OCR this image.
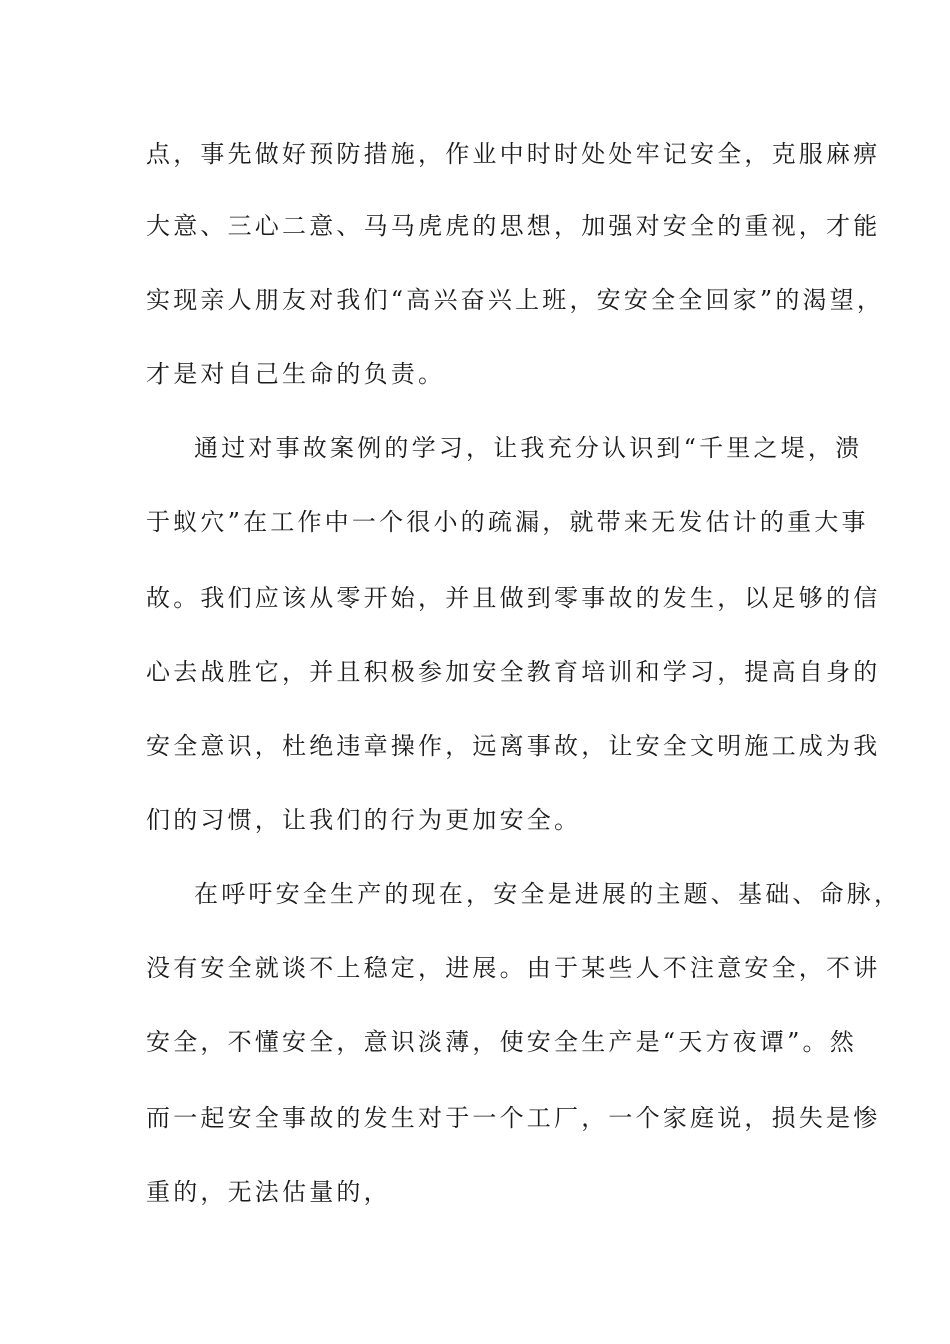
点，事先做好预防措施，作业中时时处处牢记安全，克服麻痹
大意、三心二意、马马虎虎的思想，加强对安全的重视，才能
实现亲人朋友对我们“高兴奋兴上班，安安全全回家”的渴望，
才是对自己生命的负责。
通过对事故案例的学习，让我充分认识到“千里之堤，溃
于蚁穴”在工作中一个很小的疏漏，就带来无发估计的重大事
故。我们应该从零开始，并且做到零事故的发生，以足够的信
心去战胜它，并且积极参加安全教育培训和学习，提高自身的
安全意识，杜绝违章操作，远离事故，让安全文明施工成为我
们的习惯，让我们的行为更加安全。
在呼吁安全生产的现在，安全是进展的主题、基础、命脉，
没有安全就谈不上稳定，进展。由于某些人不注意安全，不讲
安全，不懂安全，意识淡薄，使安全生产是“天方夜谭”。然
而一起安全事故的发生对于一个工厂，一个家庭说，损失是惨
重的，无法估量的，
